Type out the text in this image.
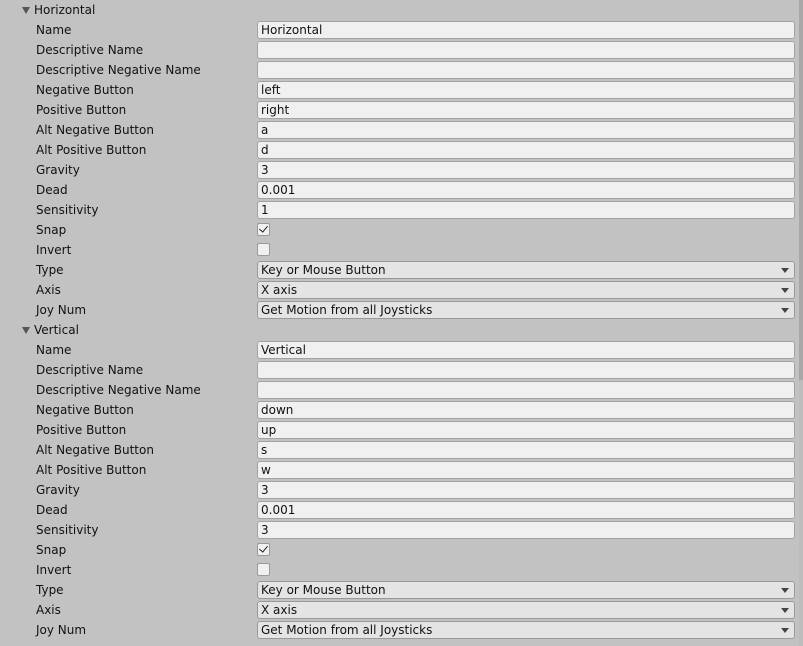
Horizontal
Name	Horizontal
Descriptive Name
Descriptive Negative Name
Negative Button	left
Positive Button	right
Alt Negative Button	a
Alt Positive Button	d
Gravity	3
Dead	0.001
Sensitivity	1
Snap
Invert
Type	Key or Mouse Button
Axis	X axis
Joy Num	Get Motion from all Joysticks
Vertical
Name	Vertical
Descriptive Name
Descriptive Negative Name
Negative Button	down
Positive Button	up
Alt Negative Button	s
Alt Positive Button	w
Gravity	3
Dead	0.001
Sensitivity	3
Snap
Invert
Type	Key or Mouse Button
Axis	X axis
Joy Num	Get Motion from all Joysticks
